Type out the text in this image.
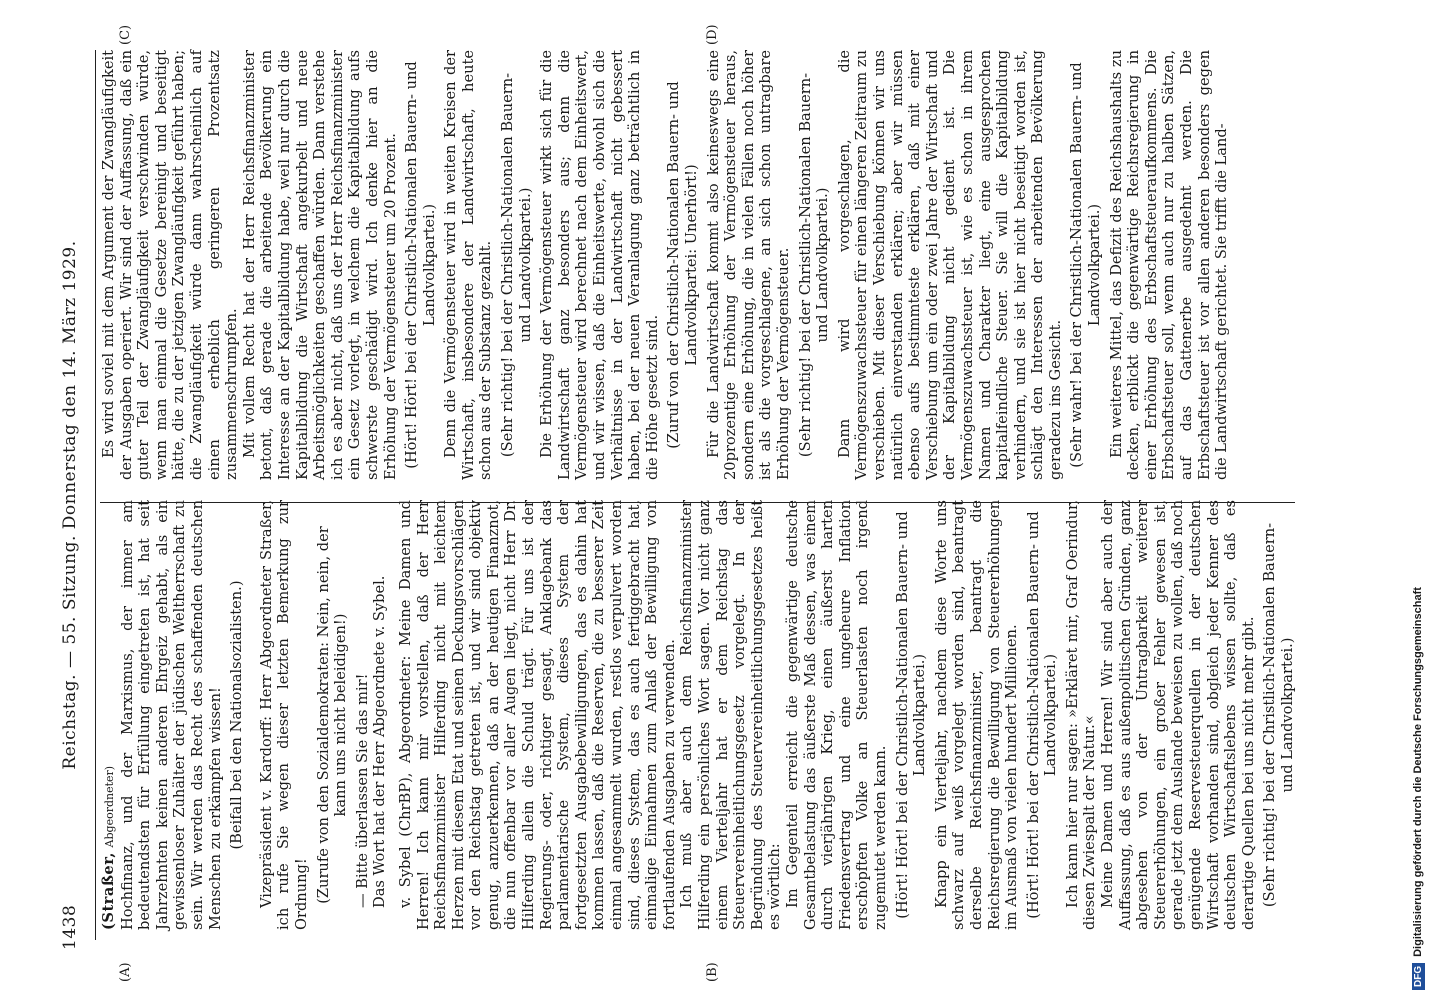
1438
Reichstag. — 55. Sitzung. Donnerstag den 14. März 1929.
(A)	(B)
(C)	(D)

(Straßer, Abgeordneter) Hochfinanz, und der Marxismus, der immer am bedeutendsten für Erfüllung eingetreten ist, hat seit Jahrzehnten keinen anderen Ehrgeiz gehabt, als ein gewissenloser Zuhälter der jüdischen Weltherrschaft zu sein. Wir werden das Recht des schaffenden deutschen Menschen zu erkämpfen wissen! (Beifall bei den Nationalsozialisten.) Vizepräsident v. Kardorff: Herr Abgeordneter Straßer, ich rufe Sie wegen dieser letzten Bemerkung zur Ordnung! (Zurufe von den Sozialdemokraten: Nein, nein, der kann uns nicht beleidigen!) — Bitte überlassen Sie das mir! Das Wort hat der Herr Abgeordnete v. Sybel. v. Sybel (ChrBP), Abgeordneter: Meine Damen und Herren! Ich kann mir vorstellen, daß der Herr Reichsfinanzminister Hilferding nicht mit leichtem Herzen mit diesem Etat und seinen Deckungsvorschlägen vor den Reichstag getreten ist, und wir sind objektiv genug, anzuerkennen, daß an der heutigen Finanznot, die nun offenbar vor aller Augen liegt, nicht Herr Dr. Hilferding allein die Schuld trägt. Für uns ist der Regierungs- oder, richtiger gesagt, Anklagebank das parlamentarische System, dieses System der fortgesetzten Ausgabebewilligungen, das es dahin hat kommen lassen, daß die Reserven, die zu besserer Zeit einmal angesammelt wurden, restlos verpulvert worden sind, dieses System, das es auch fertiggebracht hat, einmalige Einnahmen zum Anlaß der Bewilligung von fortlaufenden Ausgaben zu verwenden. Ich muß aber auch dem Reichsfinanzminister Hilferding ein persönliches Wort sagen. Vor nicht ganz einem Vierteljahr hat er dem Reichstag das Steuervereinheitlichungsgesetz vorgelegt. In der Begründung des Steuervereinheitlichungsgesetzes heißt es wörtlich: Im Gegenteil erreicht die gegenwärtige deutsche Gesamtbelastung das äußerste Maß dessen, was einem durch vierjährigen Krieg, einen äußerst harten Friedensvertrag und eine ungeheure Inflation erschöpften Volke an Steuerlasten noch irgend zugemutet werden kann. (Hört! Hört! bei der Christlich-Nationalen Bauern- und Landvolkpartei.) Knapp ein Vierteljahr, nachdem diese Worte uns schwarz auf weiß vorgelegt worden sind, beantragt derselbe Reichsfinanzminister, beantragt die Reichsregierung die Bewilligung von Steuererhöhungen im Ausmaß von vielen hundert Millionen. (Hört! Hört! bei der Christlich-Nationalen Bauern- und Landvolkpartei.) Ich kann hier nur sagen: »Erkläret mir, Graf Oerindur, diesen Zwiespalt der Natur.« Meine Damen und Herren! Wir sind aber auch der Auffassung, daß es aus außenpolitischen Gründen, ganz abgesehen von der Untragbarkeit weiterer Steuererhöhungen, ein großer Fehler gewesen ist, gerade jetzt dem Auslande beweisen zu wollen, daß noch genügende Reservesteuerquellen in der deutschen Wirtschaft vorhanden sind, obgleich jeder Kenner des deutschen Wirtschaftslebens wissen sollte, daß es derartige Quellen bei uns nicht mehr gibt. (Sehr richtig! bei der Christlich-Nationalen Bauern- und Landvolkpartei.)

Es wird soviel mit dem Argument der Zwangläufigkeit der Ausgaben operiert. Wir sind der Auffassung, daß ein guter Teil der Zwangläufigkeit verschwinden würde, wenn man einmal die Gesetze bereinigt und beseitigt hätte, die zu der jetzigen Zwangläufigkeit geführt haben; die Zwangläufigkeit würde dann wahrscheinlich auf einen erheblich geringeren Prozentsatz zusammenschrumpfen. Mit vollem Recht hat der Herr Reichsfinanzminister betont, daß gerade die arbeitende Bevölkerung ein Interesse an der Kapitalbildung habe, weil nur durch die Kapitalbildung die Wirtschaft angekurbelt und neue Arbeitsmöglichkeiten geschaffen würden. Dann verstehe ich es aber nicht, daß uns der Herr Reichsfinanzminister ein Gesetz vorlegt, in welchem die Kapitalbildung aufs schwerste geschädigt wird. Ich denke hier an die Erhöhung der Vermögensteuer um 20 Prozent. (Hört! Hört! bei der Christlich-Nationalen Bauern- und Landvolkpartei.) Denn die Vermögensteuer wird in weiten Kreisen der Wirtschaft, insbesondere der Landwirtschaft, heute schon aus der Substanz gezahlt. (Sehr richtig! bei der Christlich-Nationalen Bauern- und Landvolkpartei.) Die Erhöhung der Vermögensteuer wirkt sich für die Landwirtschaft ganz besonders aus; denn die Vermögensteuer wird berechnet nach dem Einheitswert, und wir wissen, daß die Einheitswerte, obwohl sich die Verhältnisse in der Landwirtschaft nicht gebessert haben, bei der neuen Veranlagung ganz beträchtlich in die Höhe gesetzt sind. (Zuruf von der Christlich-Nationalen Bauern- und Landvolkpartei: Unerhört!) Für die Landwirtschaft kommt also keineswegs eine 20prozentige Erhöhung der Vermögensteuer heraus, sondern eine Erhöhung, die in vielen Fällen noch höher ist als die vorgeschlagene, an sich schon untragbare Erhöhung der Vermögensteuer. (Sehr richtig! bei der Christlich-Nationalen Bauern- und Landvolkpartei.) Dann wird vorgeschlagen, die Vermögenszuwachssteuer für einen längeren Zeitraum zu verschieben. Mit dieser Verschiebung können wir uns natürlich einverstanden erklären; aber wir müssen ebenso aufs bestimmteste erklären, daß mit einer Verschiebung um ein oder zwei Jahre der Wirtschaft und der Kapitalbildung nicht gedient ist. Die Vermögenszuwachssteuer ist, wie es schon in ihrem Namen und Charakter liegt, eine ausgesprochen kapitalfeindliche Steuer. Sie will die Kapitalbildung verhindern, und sie ist hier nicht beseitigt worden ist, schlägt den Interessen der arbeitenden Bevölkerung geradezu ins Gesicht. (Sehr wahr! bei der Christlich-Nationalen Bauern- und Landvolkpartei.) Ein weiteres Mittel, das Defizit des Reichshaushalts zu decken, erblickt die gegenwärtige Reichsregierung in einer Erhöhung des Erbschaftsteueraufkommens. Die Erbschaftsteuer soll, wenn auch nur zu halben Sätzen, auf das Gattenerbe ausgedehnt werden. Die Erbschaftsteuer ist vor allen anderen besonders gegen die Landwirtschaft gerichtet. Sie trifft die Land-

DFG
Digitalisierung gefördert durch die Deutsche Forschungsgemeinschaft
